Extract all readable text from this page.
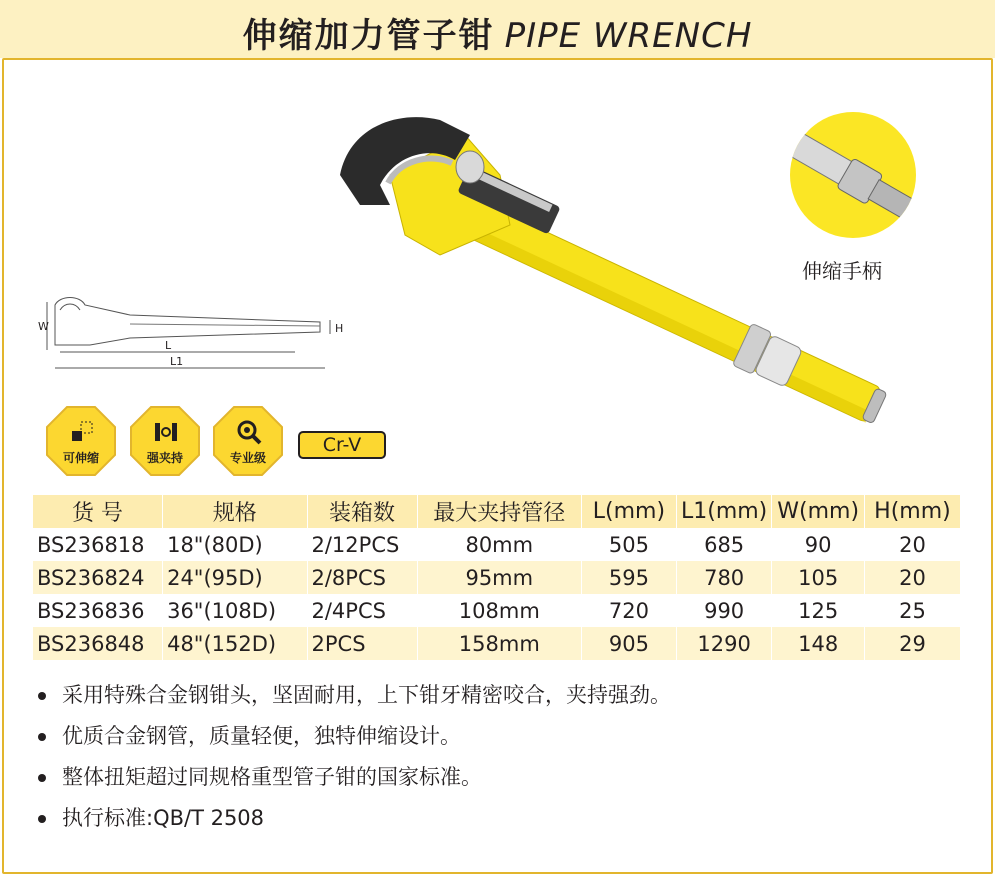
伸缩加力管子钳 PIPE WRENCH
伸缩手柄
W	H
L
L1
可伸缩	强夹持	专业级
Cr-V
货 号	规格	装箱数	最大夹持管径	L(mm)	L1(mm)	W(mm)	H(mm)
BS236818	18"(80D)	2/12PCS	80mm	505	685	90	20
BS236824	24"(95D)	2/8PCS	95mm	595	780	105	20
BS236836	36"(108D)	2/4PCS	108mm	720	990	125	25
BS236848	48"(152D)	2PCS	158mm	905	1290	148	29
采用特殊合金钢钳头，坚固耐用，上下钳牙精密咬合，夹持强劲。
优质合金钢管，质量轻便，独特伸缩设计。
整体扭矩超过同规格重型管子钳的国家标准。
执行标准:QB/T 2508
